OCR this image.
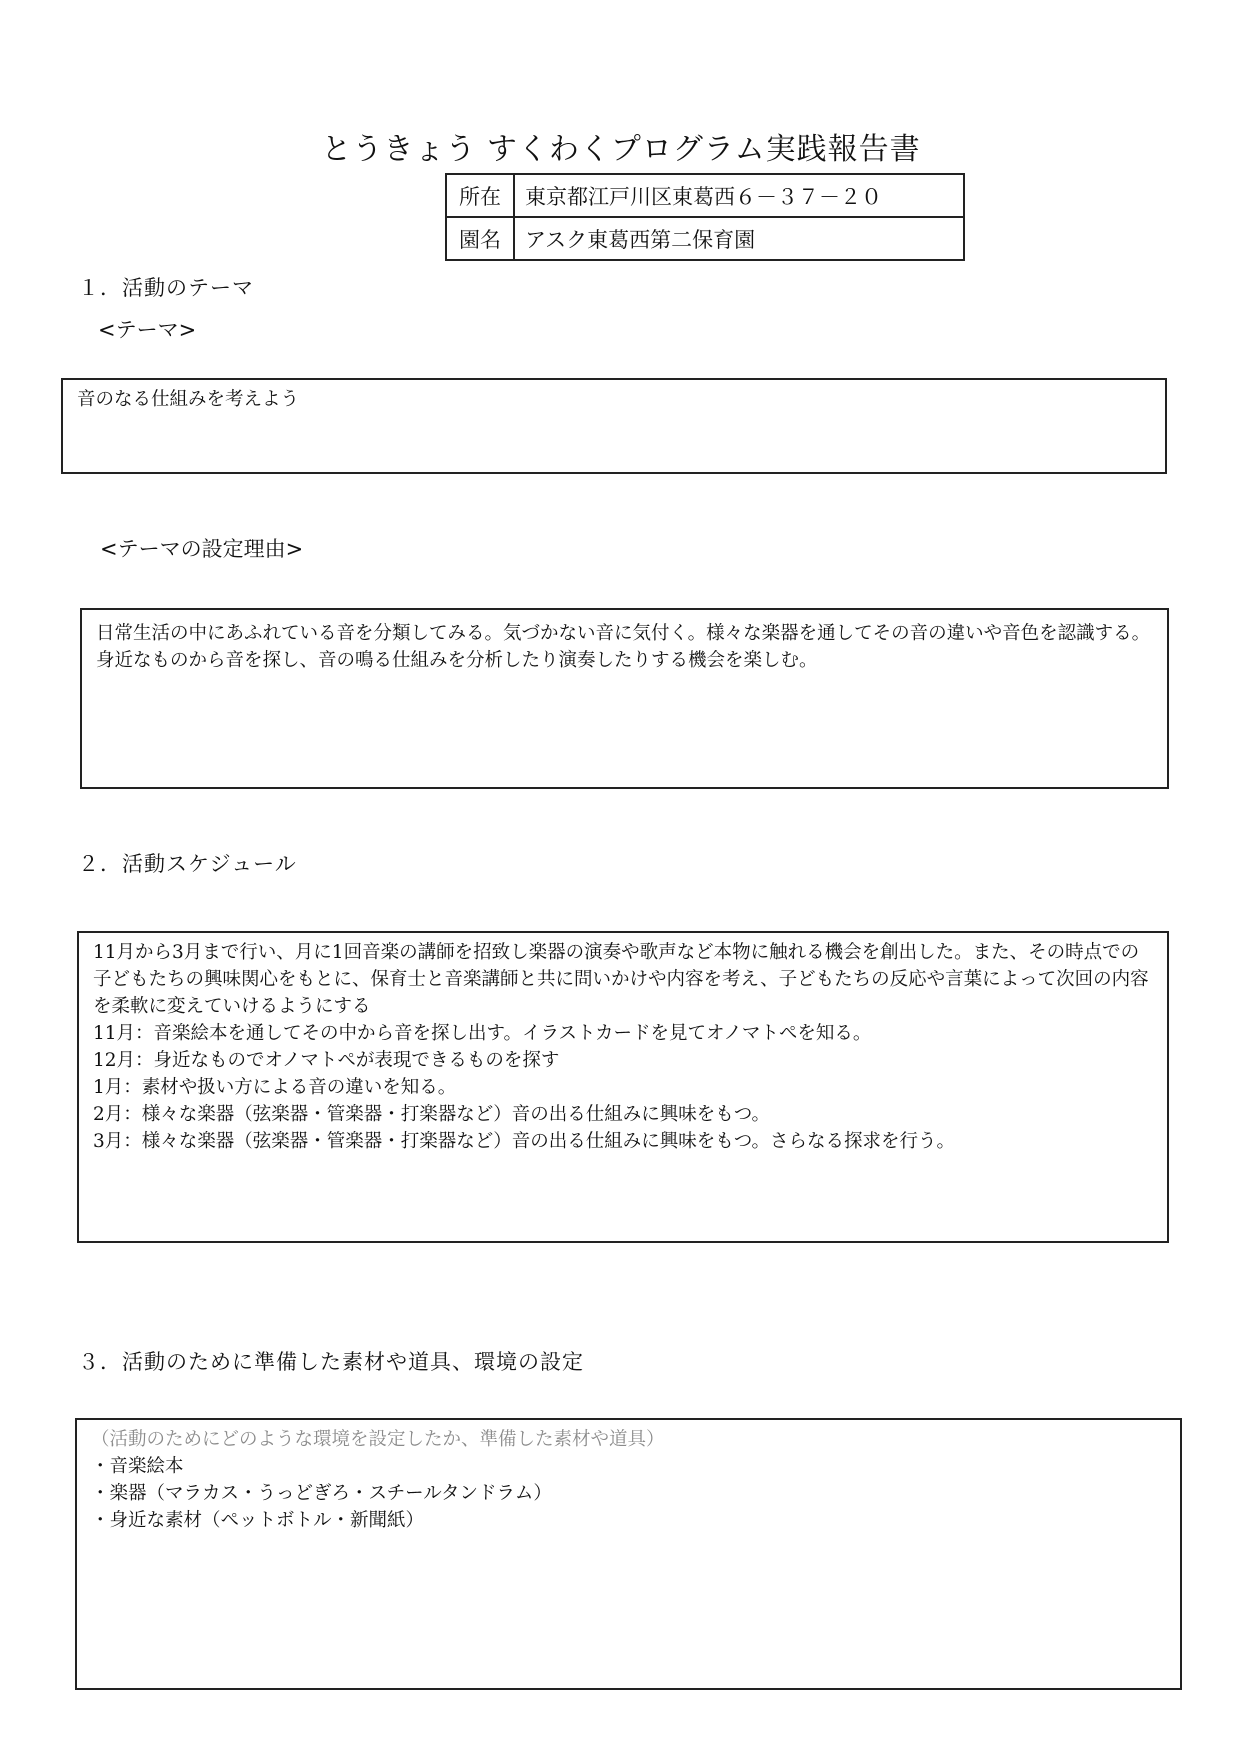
とうきょう すくわくプログラム実践報告書
所在	東京都江戸川区東葛西６－３７－２０
園名	アスク東葛西第二保育園
１．活動のテーマ
<テーマ>

音のなる仕組みを考えよう

<テーマの設定理由>

日常生活の中にあふれている音を分類してみる。気づかない音に気付く。様々な楽器を通してその音の違いや音色を認識する。身近なものから音を探し、音の鳴る仕組みを分析したり演奏したりする機会を楽しむ。

２．活動スケジュール

11月から3月まで行い、月に1回音楽の講師を招致し楽器の演奏や歌声など本物に触れる機会を創出した。また、その時点での子どもたちの興味関心をもとに、保育士と音楽講師と共に問いかけや内容を考え、子どもたちの反応や言葉によって次回の内容を柔軟に変えていけるようにする

11月：音楽絵本を通してその中から音を探し出す。イラストカードを見てオノマトペを知る。

12月：身近なものでオノマトペが表現できるものを探す

1月：素材や扱い方による音の違いを知る。

2月：様々な楽器（弦楽器・管楽器・打楽器など）音の出る仕組みに興味をもつ。

3月：様々な楽器（弦楽器・管楽器・打楽器など）音の出る仕組みに興味をもつ。さらなる探求を行う。

３．活動のために準備した素材や道具、環境の設定

（活動のためにどのような環境を設定したか、準備した素材や道具）

・音楽絵本

・楽器（マラカス・うっどぎろ・スチールタンドラム）

・身近な素材（ペットボトル・新聞紙）
